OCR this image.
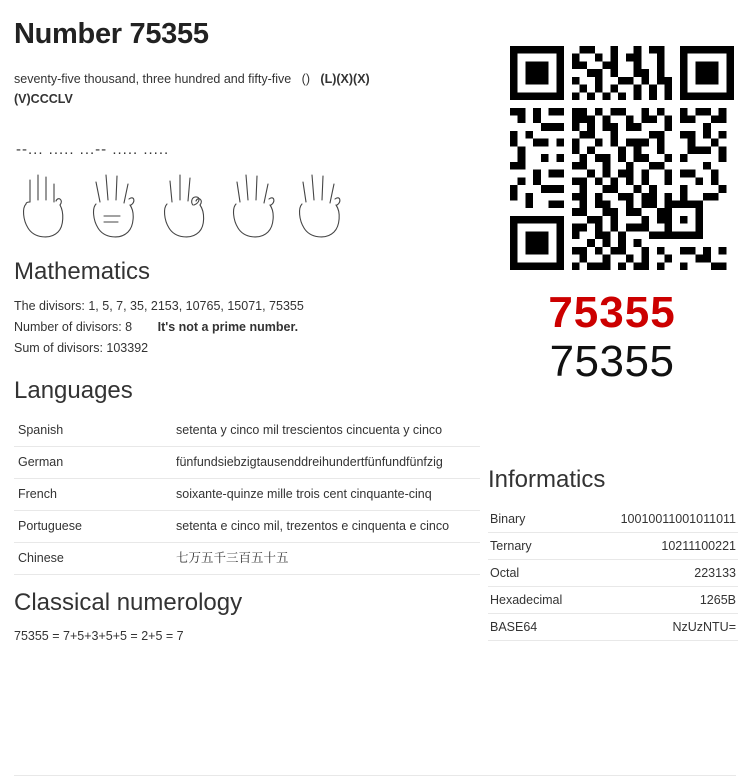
Number 75355
seventy-five thousand, three hundred and fifty-five () (L)(X)(X)
(V)CCCLV
--... ..... ...-- ..... .....
Mathematics
The divisors: 1, 5, 7, 35, 2153, 10765, 15071, 75355
Number of divisors: 8 It's not a prime number.
Sum of divisors: 103392
Languages
Spanish	setenta y cinco mil trescientos cincuenta y cinco
German	fünfundsiebzigtausenddreihundertfünfundfünfzig
French	soixante-quinze mille trois cent cinquante-cinq
Portuguese	setenta e cinco mil, trezentos e cinquenta e cinco
Chinese	七万五千三百五十五
Classical numerology

75355 = 7+5+3+5+5 = 2+5 = 7

75355
75355
Informatics
Binary	10010011001011011
Ternary	10211100221
Octal	223133
Hexadecimal	1265B
BASE64	NzUzNTU=
